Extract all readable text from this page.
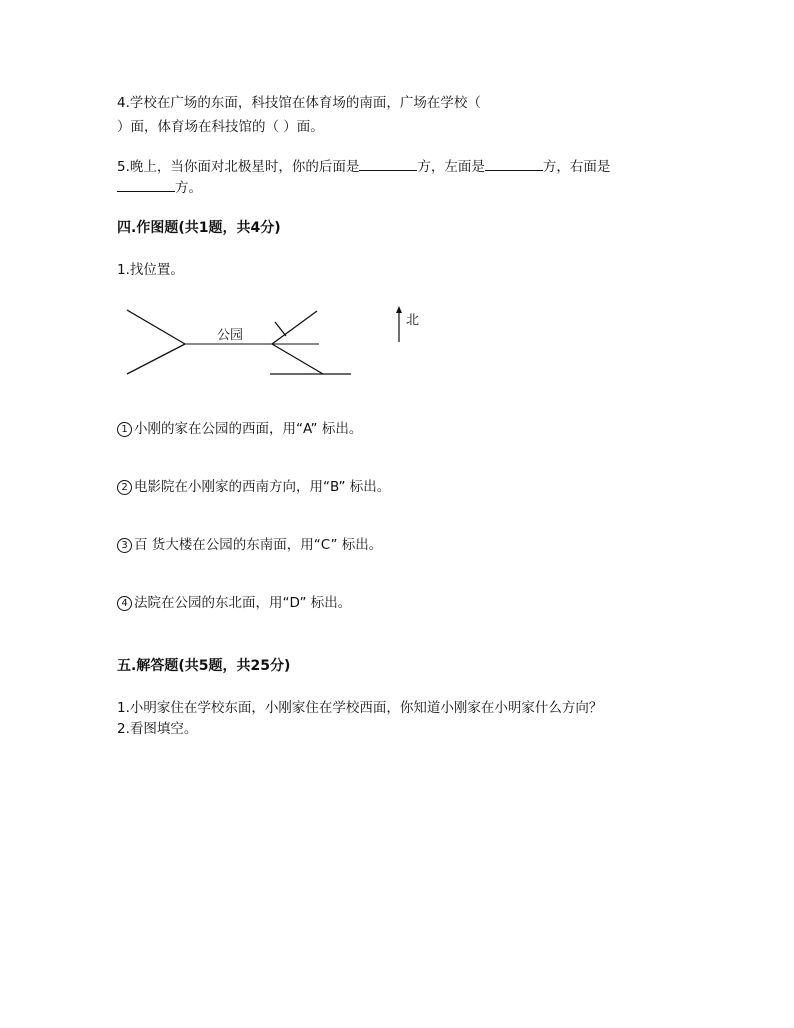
4.学校在广场的东面，科技馆在体育场的南面，广场在学校（
）面，体育场在科技馆的（ ）面。
5.晚上，当你面对北极星时，你的后面是	方，左面是	方，右面是
方。
四.作图题(共1题，共4分)
1.找位置。
公园
北
1 小刚的家在公园的西面，用“A” 标出。
2 电影院在小刚家的西南方向，用“B” 标出。
3 百 货大楼在公园的东南面，用“C” 标出。
4 法院在公园的东北面，用“D” 标出。
五.解答题(共5题，共25分)
1.小明家住在学校东面，小刚家住在学校西面，你知道小刚家在小明家什么方向？
2.看图填空。
